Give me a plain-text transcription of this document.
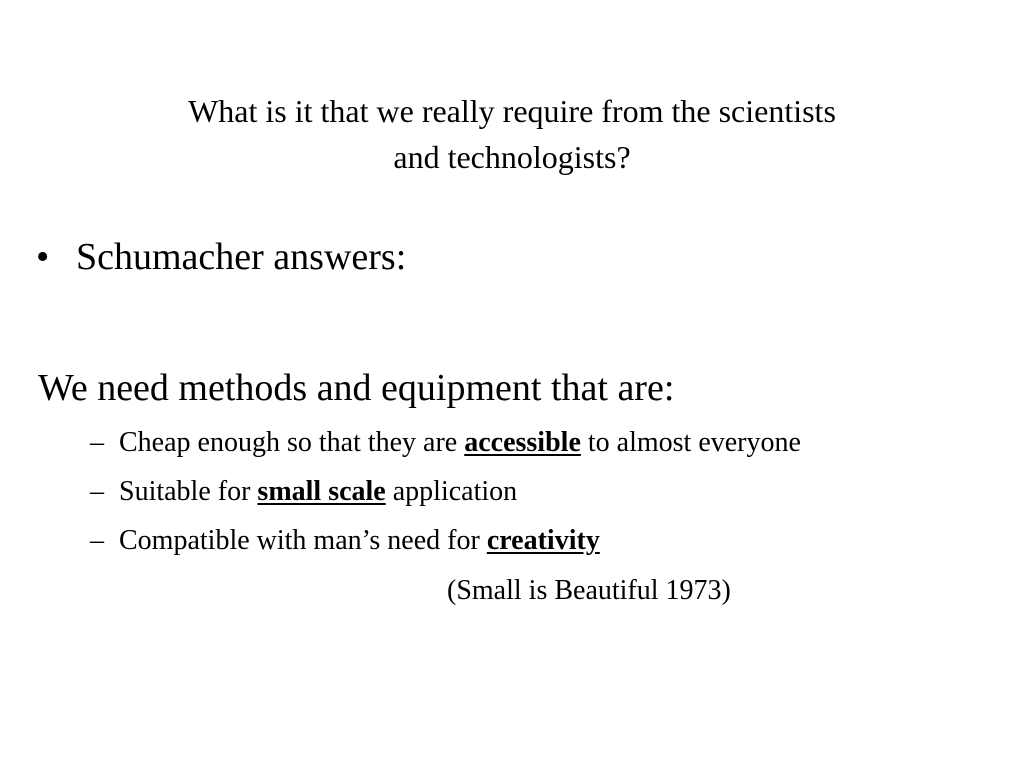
What is it that we really require from the scientists
and technologists?
• Schumacher answers:
We need methods and equipment that are:
– Cheap enough so that they are accessible to almost everyone
– Suitable for small scale application
– Compatible with man’s need for creativity
(Small is Beautiful 1973)
